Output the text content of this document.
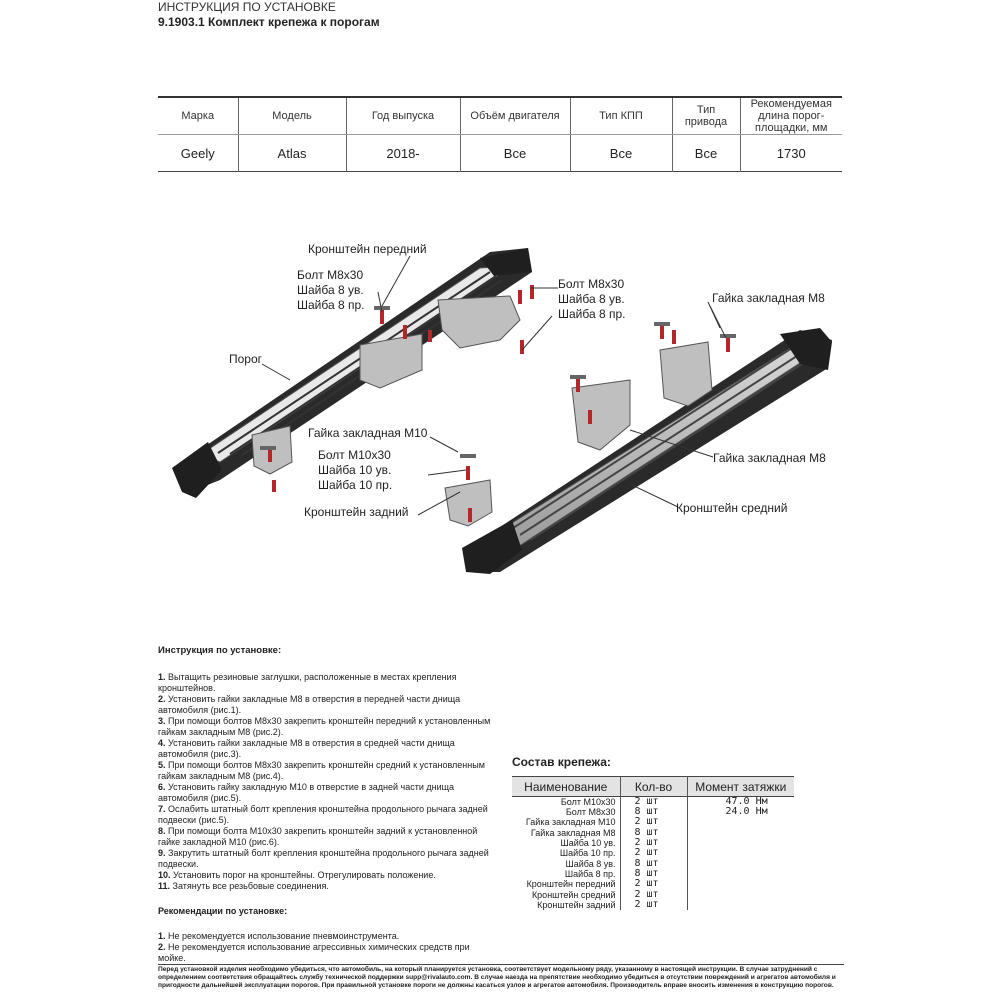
ИНСТРУКЦИЯ ПО УСТАНОВКЕ
9.1903.1 Комплект крепежа к порогам
Марка	Модель	Год выпуска	Объём двигателя	Тип КПП	Тип привода	Рекомендуемая длина порог-площадки, мм
Geely	Atlas	2018-	Все	Все	Все	1730
Кронштейн передний
Болт М8х30
Шайба 8 ув.
Шайба 8 пр.
Болт М8х30
Шайба 8 ув.
Шайба 8 пр.
Гайка закладная М8
Порог
Гайка закладная М10
Болт М10х30
Шайба 10 ув.
Шайба 10 пр.
Гайка закладная М8
Кронштейн средний
Кронштейн задний
Инструкция по установке:

1. Вытащить резиновые заглушки, расположенные в местах крепления кронштейнов.

2. Установить гайки закладные М8 в отверстия в передней части днища автомобиля (рис.1).

3. При помощи болтов М8х30 закрепить кронштейн передний к установленным гайкам закладным М8 (рис.2).

4. Установить гайки закладные М8 в отверстия в средней части днища автомобиля (рис.3).

5. При помощи болтов М8х30 закрепить кронштейн средний к установленным гайкам закладным М8 (рис.4).

6. Установить гайку закладную М10 в отверстие в задней части днища автомобиля (рис.5).

7. Ослабить штатный болт крепления кронштейна продольного рычага задней подвески (рис.5).

8. При помощи болта М10х30 закрепить кронштейн задний к установленной гайке закладной М10 (рис.6).

9. Закрутить штатный болт крепления кронштейна продольного рычага задней подвески.

10. Установить порог на кронштейны. Отрегулировать положение.

11. Затянуть все резьбовые соединения.

Рекомендации по установке:

1. Не рекомендуется использование пневмоинструмента.

2. Не рекомендуется использование агрессивных химических средств при мойке.

Состав крепежа:
Наименование	Кол-во	Момент затяжки
Болт М10х30	2 шт	47.0 Нм
Болт М8х30	8 шт	24.0 Нм
Гайка закладная М10	2 шт	
Гайка закладная М8	8 шт	
Шайба 10 ув.	2 шт	
Шайба 10 пр.	2 шт	
Шайба 8 ув.	8 шт	
Шайба 8 пр.	8 шт	
Кронштейн передний	2 шт	
Кронштейн средний	2 шт	
Кронштейн задний	2 шт	
Перед установкой изделия необходимо убедиться, что автомобиль, на который планируется установка, соответствует модельному ряду, указанному в настоящей инструкции. В случае затруднений с определением соответствия обращайтесь службу технической поддержки supp@rivalauto.com. В случае наезда на препятствие необходимо убедиться в отсутствии повреждений и агрегатов автомобиля и пригодности дальнейшей эксплуатации порогов. При правильной установке пороги не должны касаться узлов и агрегатов автомобиля. Производитель вправе вносить изменения в конструкцию порогов.
